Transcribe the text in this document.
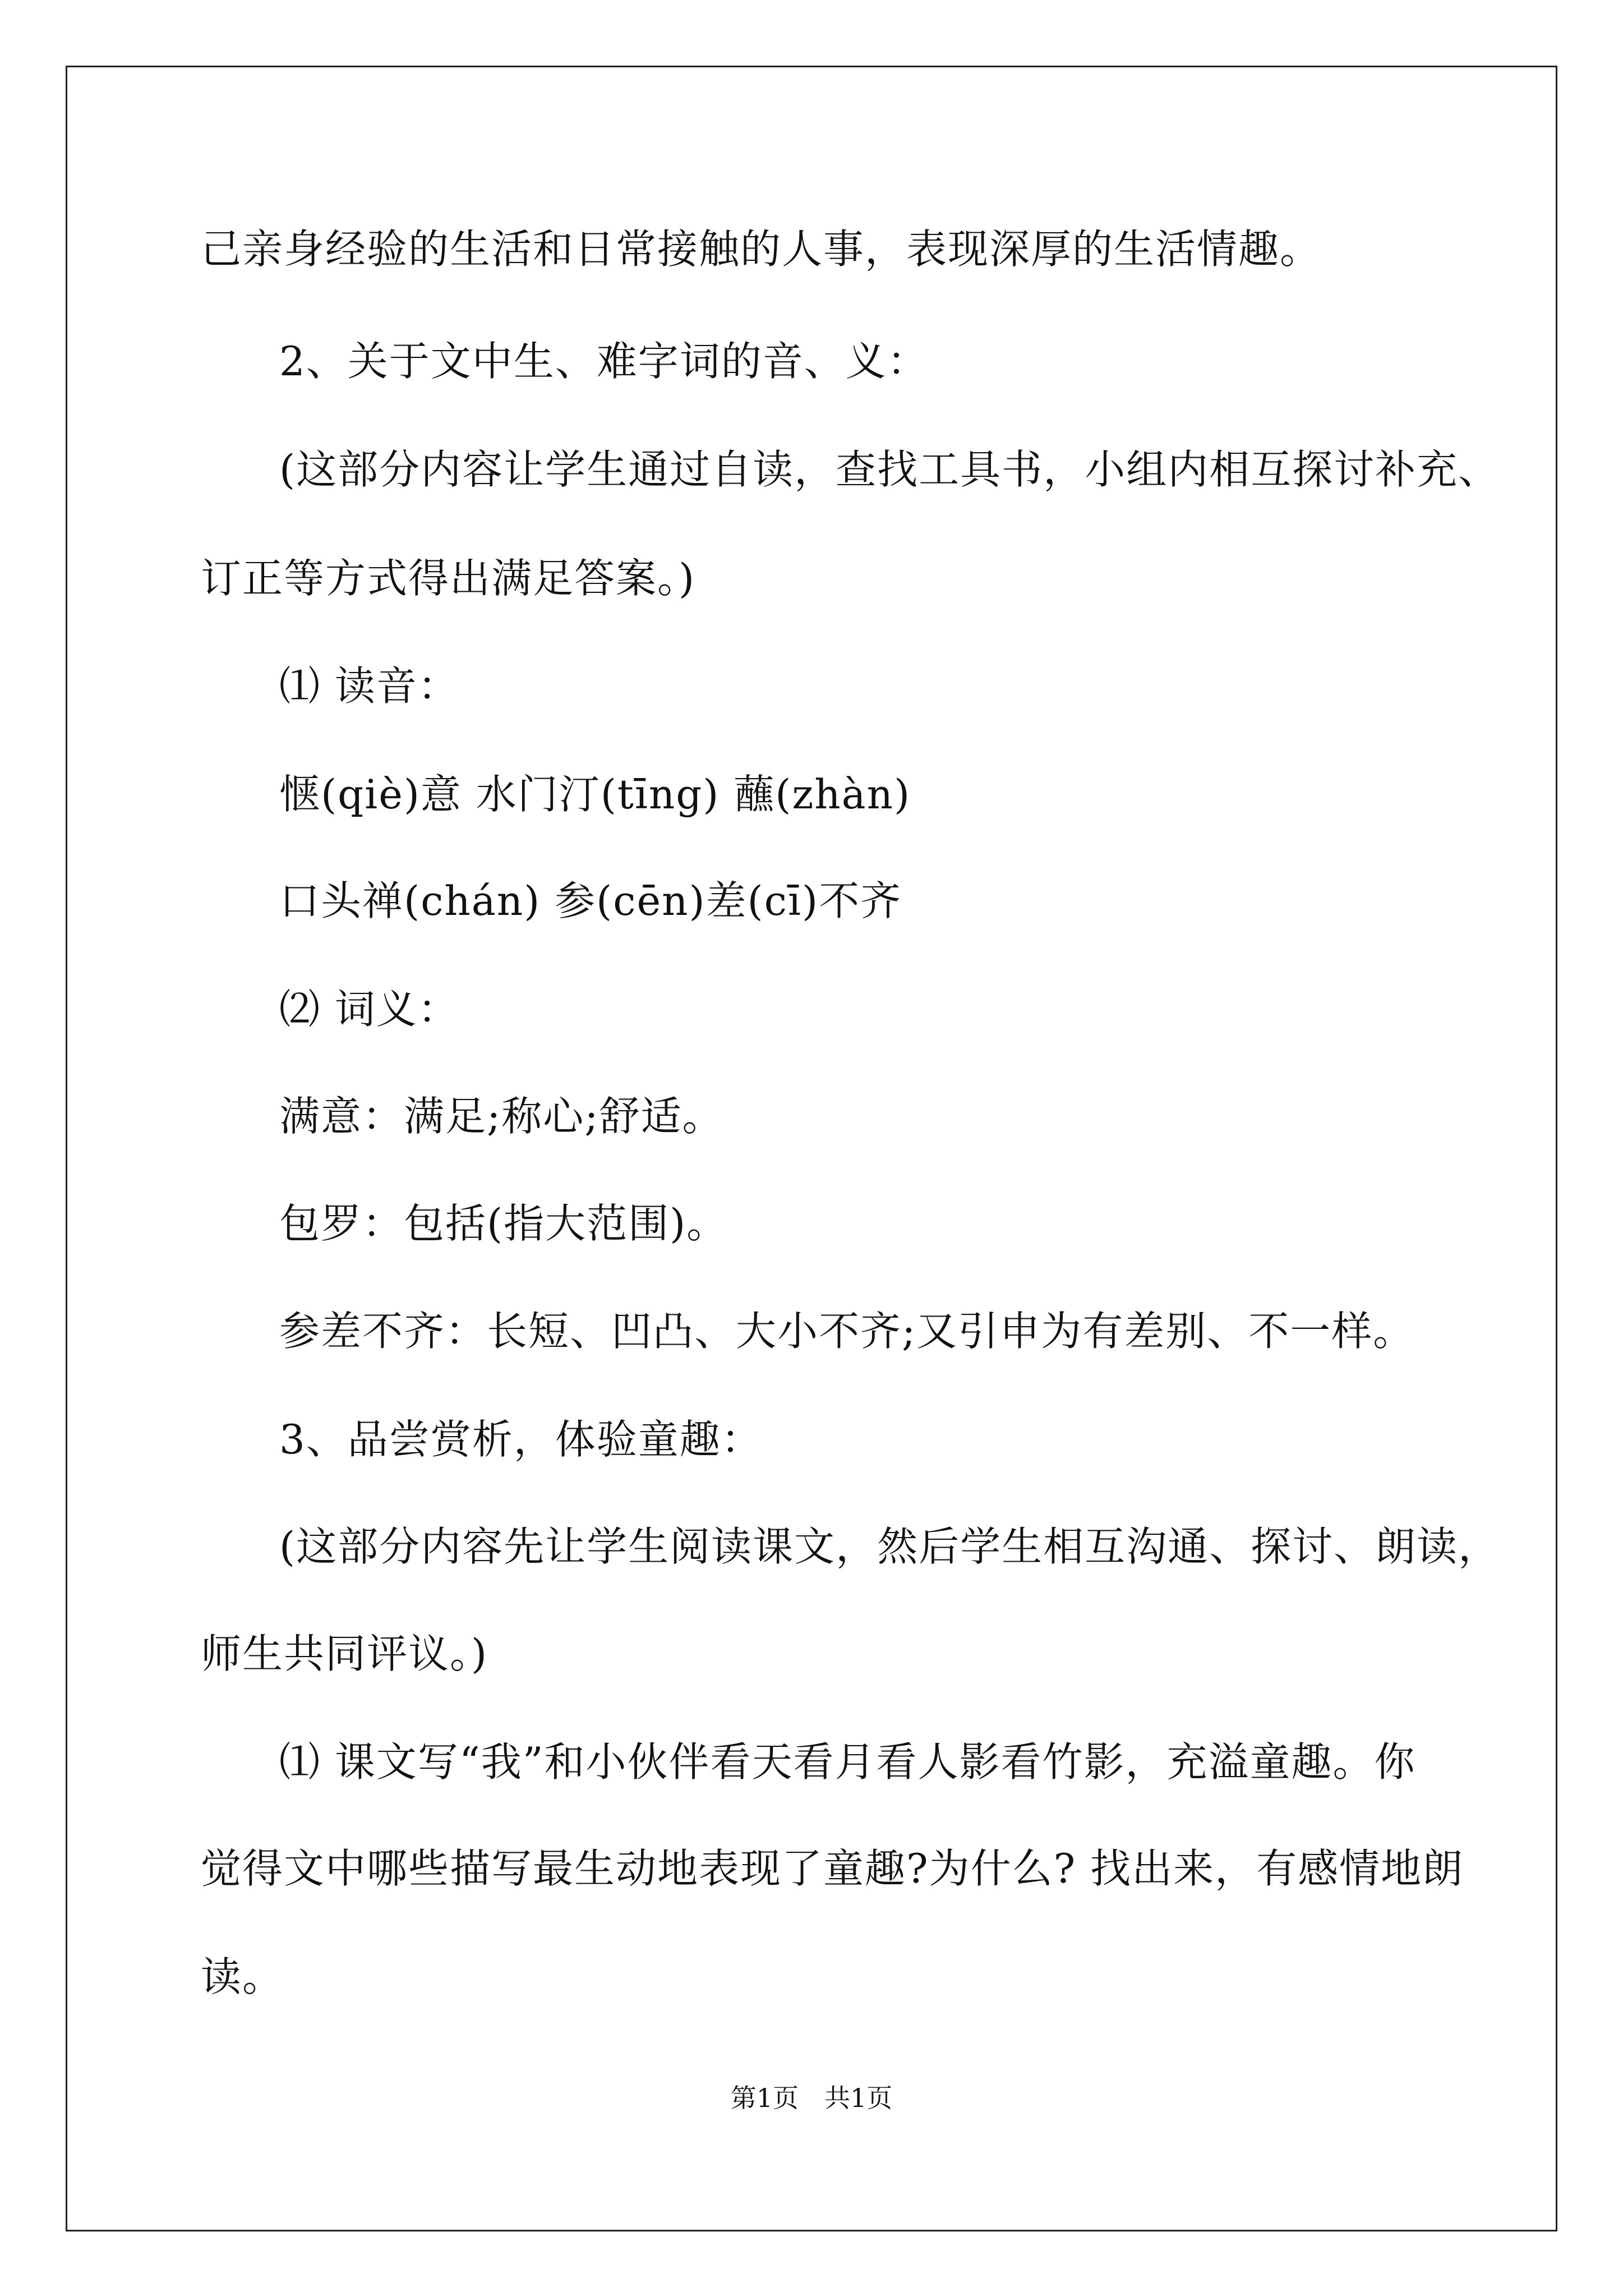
己亲身经验的生活和日常接触的人事，表现深厚的生活情趣。
2、关于文中生、难字词的音、义：
(这部分内容让学生通过自读，查找工具书，小组内相互探讨补充、
订正等方式得出满足答案。)
⑴ 读音：
惬(qiè)意 水门汀(tīng) 蘸(zhàn)
口头禅(chán) 参(cēn)差(cī)不齐
⑵ 词义：
满意：满足;称心;舒适。
包罗：包括(指大范围)。
参差不齐：长短、凹凸、大小不齐;又引申为有差别、不一样。
3、品尝赏析，体验童趣：
(这部分内容先让学生阅读课文，然后学生相互沟通、探讨、朗读，
师生共同评议。)
⑴ 课文写“我”和小伙伴看天看月看人影看竹影，充溢童趣。你
觉得文中哪些描写最生动地表现了童趣?为什么? 找出来，有感情地朗
读。
第1页 共1页
